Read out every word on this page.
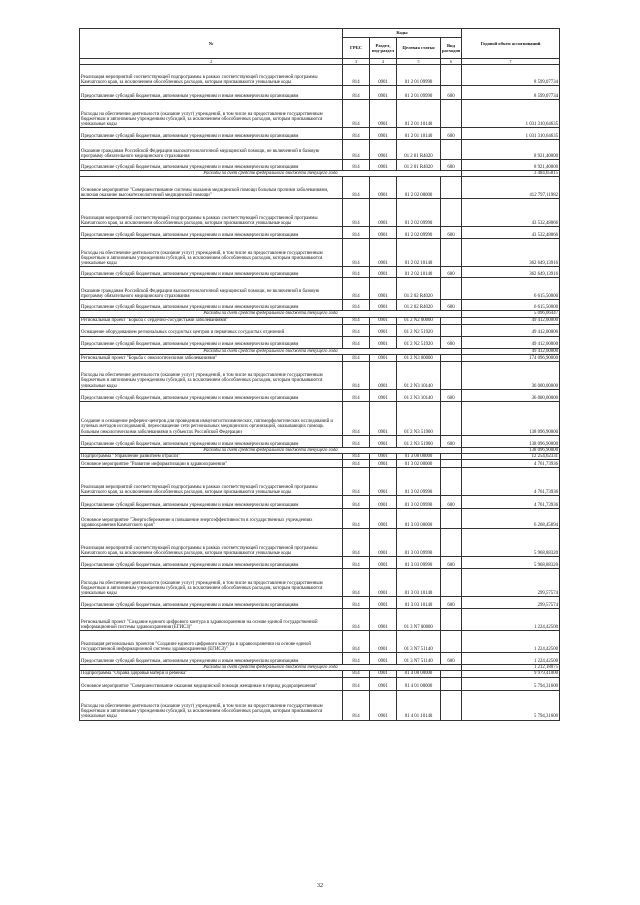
№	Коды				Годовой объем ассигнований
	ГРБС	Раздел, под-раздел	Целевая статья	Вид расходов	
2	3	4	5	6	7
Реализация мероприятий соответствующей подпрограммы в рамках соответствующей государственной программы Камчатского края, за исключением обособленных расходов, которым присваиваются уникальные коды	814	0901	01 2 01 09990		8 599,07734
Предоставление субсидий бюджетным, автономным учреждениям и иным некоммерческим организациям	814	0901	01 2 01 09990	600	8 599,07734
Расходы на обеспечение деятельности (оказание услуг) учреждений, в том числе на предоставление государственным бюджетным и автономным учреждениям субсидий, за исключением обособленных расходов, которым присваиваются уникальные коды	814	0901	01 2 01 10140		1 031 310,64635
Предоставление субсидий бюджетным, автономным учреждениям и иным некоммерческим организациям	814	0901	01 2 01 10140	600	1 031 310,64635
Оказание гражданам Российской Федерации высокотехнологичной медицинской помощи, не включенной в базовую программу обязательного медицинского страхования	814	0901	01 2 01 R4020		8 921,40000
Предоставление субсидий бюджетным, автономным учреждениям и иным некоммерческим организациям	814	0901	01 2 01 R4020	600	8 921,40000
Расходы за счет средств федерального бюджета текущего года					3 484,65815
Основное мероприятие "Совершенствование системы оказания медицинской помощи больным прочими заболеваниями, включая оказание высокотехнологичной медицинской помощи"	814	0901	01 2 02 00000		412 797,11982
Реализация мероприятий соответствующей подпрограммы в рамках соответствующей государственной программы Камчатского края, за исключением обособленных расходов, которым присваиваются уникальные коды	814	0901	01 2 02 09990		43 532,48066
Предоставление субсидий бюджетным, автономным учреждениям и иным некоммерческим организациям	814	0901	01 2 02 09990	600	43 532,48066
Расходы на обеспечение деятельности (оказание услуг) учреждений, в том числе на предоставление государственным бюджетным и автономным учреждениям субсидий, за исключением обособленных расходов, которым присваиваются уникальные коды	814	0901	01 2 02 10140		362 649,13916
Предоставление субсидий бюджетным, автономным учреждениям и иным некоммерческим организациям	814	0901	01 2 02 10140	600	362 649,13916
Оказание гражданам Российской Федерации высокотехнологичной медицинской помощи, не включенной в базовую программу обязательного медицинского страхования	814	0901	01 2 02 R4020		6 615,50000
Предоставление субсидий бюджетным, автономным учреждениям и иным некоммерческим организациям	814	0901	01 2 02 R4020	600	6 615,50000
Расходы за счет средств федерального бюджета текущего года					5 096,06447
Региональный проект "Борьба с сердечно-сосудистыми заболеваниями"	814	0901	01 2 N2 00000		49 412,00000
Оснащение оборудованием региональных сосудистых центров и первичных сосудистых отделений	814	0901	01 2 N2 51920		49 412,00000
Предоставление субсидий бюджетным, автономным учреждениям и иным некоммерческим организациям	814	0901	01 2 N2 51920	600	49 412,00000
Расходы за счет средств федерального бюджета текущего года					49 412,00000
Региональный проект "Борьба с онкологическими заболеваниями"	814	0901	01 2 N3 00000		174 096,90000
Расходы на обеспечение деятельности (оказание услуг) учреждений, в том числе на предоставление государственным бюджетным и автономным учреждениям субсидий, за исключением обособленных расходов, которым присваиваются уникальные коды	814	0901	01 2 N3 10140		36 000,00000
Предоставление субсидий бюджетным, автономным учреждениям и иным некоммерческим организациям	814	0901	01 2 N3 10140	600	36 000,00000
Создание и оснащение референс-центров для проведения иммуногистохимических, патоморфологических исследований и лучевых методов исследований, переоснащение сети региональных медицинских организаций, оказывающих помощь больным онкологическими заболеваниями в субъектах Российской Федерации	814	0901	01 2 N3 51900		138 096,90000
Предоставление субсидий бюджетным, автономным учреждениям и иным некоммерческим организациям	814	0901	01 2 N3 51900	600	138 096,90000
Расходы за счет средств федерального бюджета текущего года					138 096,90000
Подпрограмма "Управление развитием отрасли"	814	0901	01 3 00 00000		12 254,62331
Основное мероприятие "Развитие информатизации в здравоохранении"	814	0901	01 3 02 00000		4 761,73936
Реализация мероприятий соответствующей подпрограммы в рамках соответствующей государственной программы Камчатского края, за исключением обособленных расходов, которым присваиваются уникальные коды	814	0901	01 3 02 09990		4 761,73936
Предоставление субсидий бюджетным, автономным учреждениям и иным некоммерческим организациям	814	0901	01 3 02 09990	600	4 761,73936
Основное мероприятие "Энергосбережение и повышение энергоэффективности в государственных учреждениях здравоохранения Камчатского края"	814	0901	01 3 03 00000		6 268,45894
Реализация мероприятий соответствующей подпрограммы в рамках соответствующей государственной программы Камчатского края, за исключением обособленных расходов, которым присваиваются уникальные коды	814	0901	01 3 03 09990		5 968,88320
Предоставление субсидий бюджетным, автономным учреждениям и иным некоммерческим организациям	814	0901	01 3 03 09990	600	5 968,88320
Расходы на обеспечение деятельности (оказание услуг) учреждений, в том числе на предоставление государственным бюджетным и автономным учреждениям субсидий, за исключением обособленных расходов, которым присваиваются уникальные коды	814	0901	01 3 03 10140		299,57574
Предоставление субсидий бюджетным, автономным учреждениям и иным некоммерческим организациям	814	0901	01 3 03 10140	600	299,57574
Региональный проект "Создание единого цифрового контура в здравоохранении на основе единой государственной информационной системы здравоохранения (ЕГИСЗ)"	814	0901	01 3 N7 00000		1 224,42500
Реализация региональных проектов "Создание единого цифрового контура в здравоохранении на основе единой государственной информационной системы здравоохранения (ЕГИСЗ)"	814	0901	01 3 N7 51140		1 224,42500
Предоставление субсидий бюджетным, автономным учреждениям и иным некоммерческим организациям	814	0901	01 3 N7 51140	600	1 224,42500
Расходы за счет средств федерального бюджета текущего года					1 212,18075
Подпрограмма "Охрана здоровья матери и ребенка"	814	0901	01 4 00 00000		9 979,41000
Основное мероприятие "Совершенствование оказания медицинской помощи женщинам в период родоразрешения"	814	0901	01 4 01 00000		5 794,31600
Расходы на обеспечение деятельности (оказание услуг) учреждений, в том числе на предоставление государственным бюджетным и автономным учреждениям субсидий, за исключением обособленных расходов, которым присваиваются уникальные коды	814	0901	01 4 01 10140		5 794,31600
32
